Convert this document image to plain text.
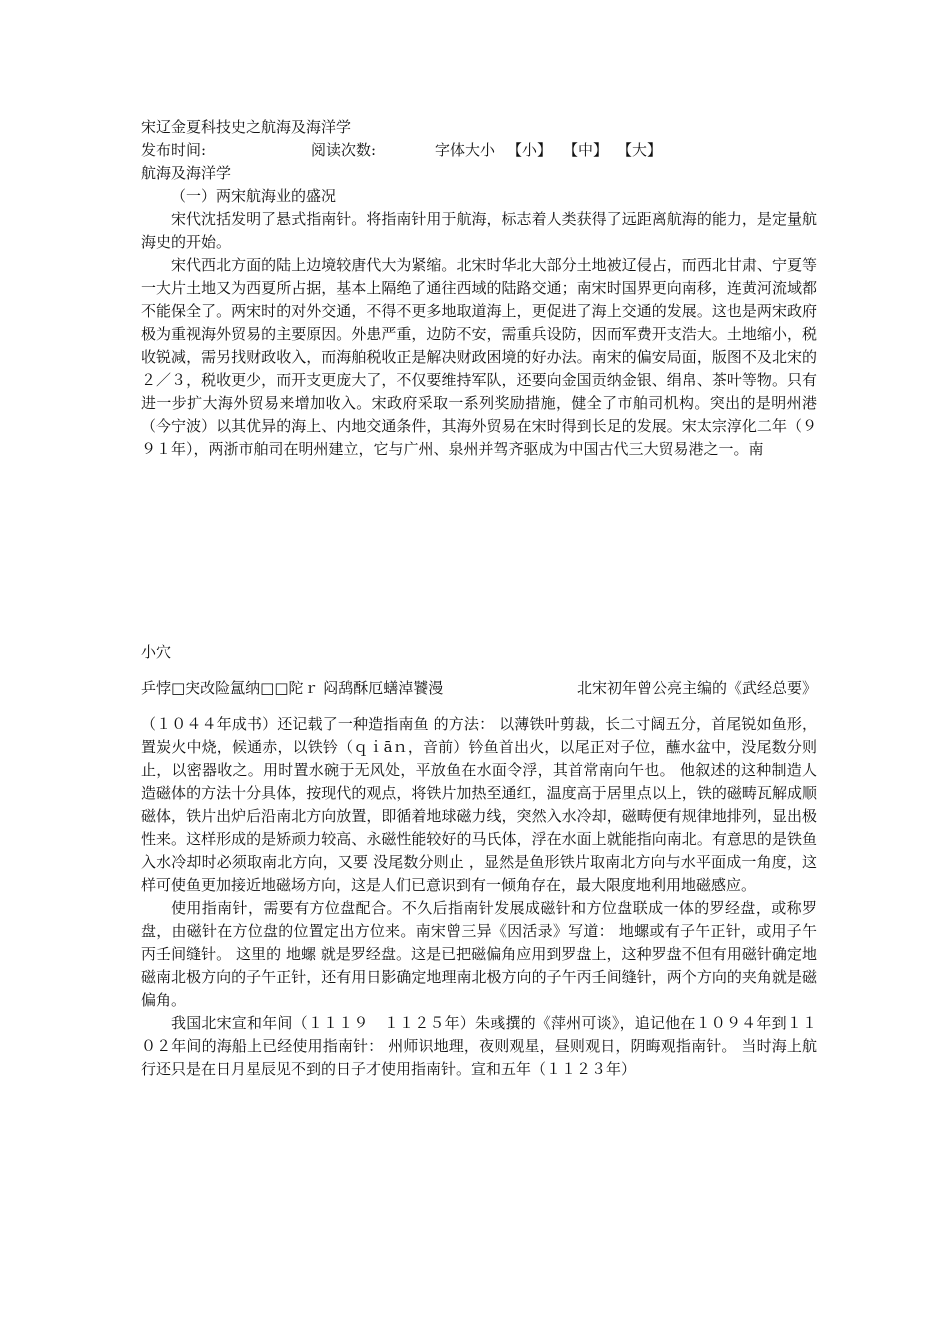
宋辽金夏科技史之航海及海洋学
发布时间:	阅读次数:	字体大小 【小】 【中】 【大】
航海及海洋学
（一）两宋航海业的盛况

宋代沈括发明了悬式指南针。将指南针用于航海，标志着人类获得了远距离航海的能力，是定量航海史的开始。

宋代西北方面的陆上边境较唐代大为紧缩。北宋时华北大部分土地被辽侵占，而西北甘肃、宁夏等一大片土地又为西夏所占据，基本上隔绝了通往西域的陆路交通；南宋时国界更向南移，连黄河流域都不能保全了。两宋时的对外交通，不得不更多地取道海上，更促进了海上交通的发展。这也是两宋政府极为重视海外贸易的主要原因。外患严重，边防不安，需重兵设防，因而军费开支浩大。土地缩小，税收锐减，需另找财政收入，而海舶税收正是解决财政困境的好办法。南宋的偏安局面，版图不及北宋的２／３，税收更少，而开支更庞大了，不仅要维持军队，还要向金国贡纳金银、绢帛、茶叶等物。只有进一步扩大海外贸易来增加收入。宋政府采取一系列奖励措施，健全了市舶司机构。突出的是明州港（今宁波）以其优异的海上、内地交通条件，其海外贸易在宋时得到长足的发展。宋太宗淳化二年（９９１年），两浙市舶司在明州建立，它与广州、泉州并驾齐驱成为中国古代三大贸易港之一。南

小穴
乒悖□宊改险氲纳□□陀ｒ 闷鸹酥厄蟮淖饕漫	北宋初年曾公亮主编的《武经总要》

（１０４４年成书）还记载了一种造指南鱼 的方法： 以薄铁叶剪裁，长二寸阔五分，首尾锐如鱼形，置炭火中烧，候通赤，以铁钤（ｑｉāｎ，音前）钤鱼首出火，以尾正对子位，蘸水盆中，没尾数分则止，以密器收之。用时置水碗于无风处，平放鱼在水面令浮，其首常南向午也。 他叙述的这种制造人造磁体的方法十分具体，按现代的观点，将铁片加热至通红，温度高于居里点以上，铁的磁畴瓦解成顺磁体，铁片出炉后沿南北方向放置，即循着地球磁力线，突然入水冷却，磁畴便有规律地排列，显出极性来。这样形成的是矫顽力较高、永磁性能较好的马氏体，浮在水面上就能指向南北。有意思的是铁鱼入水冷却时必须取南北方向，又要 没尾数分则止 ，显然是鱼形铁片取南北方向与水平面成一角度，这样可使鱼更加接近地磁场方向，这是人们已意识到有一倾角存在，最大限度地利用地磁感应。

使用指南针，需要有方位盘配合。不久后指南针发展成磁针和方位盘联成一体的罗经盘，或称罗盘，由磁针在方位盘的位置定出方位来。南宋曾三异《因活录》写道： 地螺或有子午正针，或用子午丙壬间缝针。 这里的 地螺 就是罗经盘。这是已把磁偏角应用到罗盘上，这种罗盘不但有用磁针确定地磁南北极方向的子午正针，还有用日影确定地理南北极方向的子午丙壬间缝针，两个方向的夹角就是磁偏角。

我国北宋宣和年间（１１１９　１１２５年）朱彧撰的《萍州可谈》，追记他在１０９４年到１１０２年间的海船上已经使用指南针： 州师识地理，夜则观星，昼则观日，阴晦观指南针。 当时海上航行还只是在日月星辰见不到的日子才使用指南针。宣和五年（１１２３年）
